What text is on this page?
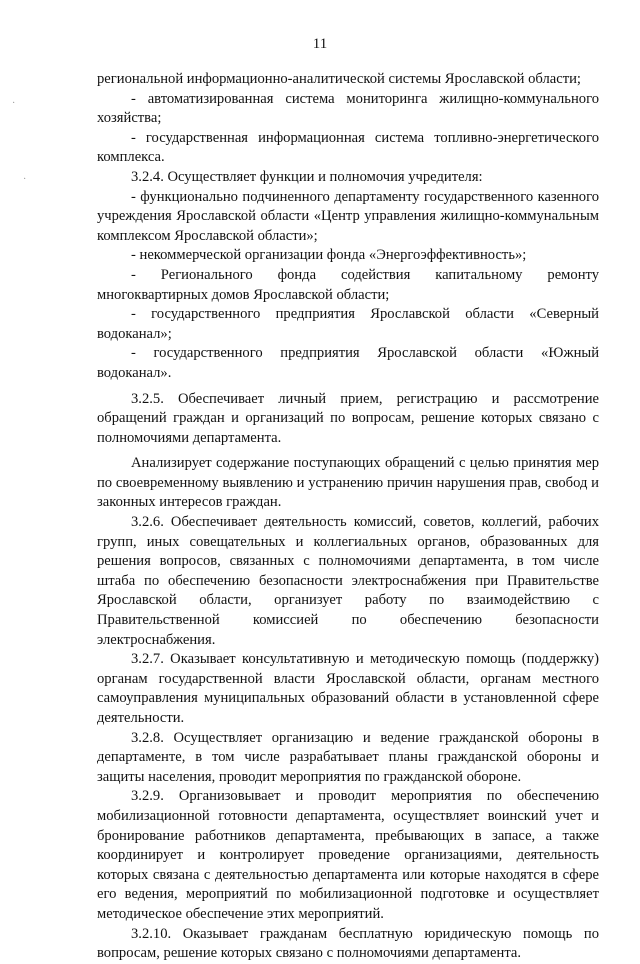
11
·
·

региональной информационно-аналитической системы Ярославской области;

- автоматизированная система мониторинга жилищно-коммунального хозяйства;

- государственная информационная система топливно-энергетического комплекса.

3.2.4. Осуществляет функции и полномочия учредителя:

- функционально подчиненного департаменту государственного казенного учреждения Ярославской области «Центр управления жилищно-коммунальным комплексом Ярославской области»;

- некоммерческой организации фонда «Энергоэффективность»;

- Регионального фонда содействия капитальному ремонту многоквартирных домов Ярославской области;

- государственного предприятия Ярославской области «Северный водоканал»;

- государственного предприятия Ярославской области «Южный водоканал».

3.2.5. Обеспечивает личный прием, регистрацию и рассмотрение обращений граждан и организаций по вопросам, решение которых связано с полномочиями департамента.

Анализирует содержание поступающих обращений с целью принятия мер по своевременному выявлению и устранению причин нарушения прав, свобод и законных интересов граждан.

3.2.6. Обеспечивает деятельность комиссий, советов, коллегий, рабочих групп, иных совещательных и коллегиальных органов, образованных для решения вопросов, связанных с полномочиями департамента, в том числе штаба по обеспечению безопасности электроснабжения при Правительстве Ярославской области, организует работу по взаимодействию с Правительственной комиссией по обеспечению безопасности электроснабжения.

3.2.7. Оказывает консультативную и методическую помощь (поддержку) органам государственной власти Ярославской области, органам местного самоуправления муниципальных образований области в установленной сфере деятельности.

3.2.8. Осуществляет организацию и ведение гражданской обороны в департаменте, в том числе разрабатывает планы гражданской обороны и защиты населения, проводит мероприятия по гражданской обороне.

3.2.9. Организовывает и проводит мероприятия по обеспечению мобилизационной готовности департамента, осуществляет воинский учет и бронирование работников департамента, пребывающих в запасе, а также координирует и контролирует проведение организациями, деятельность которых связана с деятельностью департамента или которые находятся в сфере его ведения, мероприятий по мобилизационной подготовке и осуществляет методическое обеспечение этих мероприятий.

3.2.10. Оказывает гражданам бесплатную юридическую помощь по вопросам, решение которых связано с полномочиями департамента.
